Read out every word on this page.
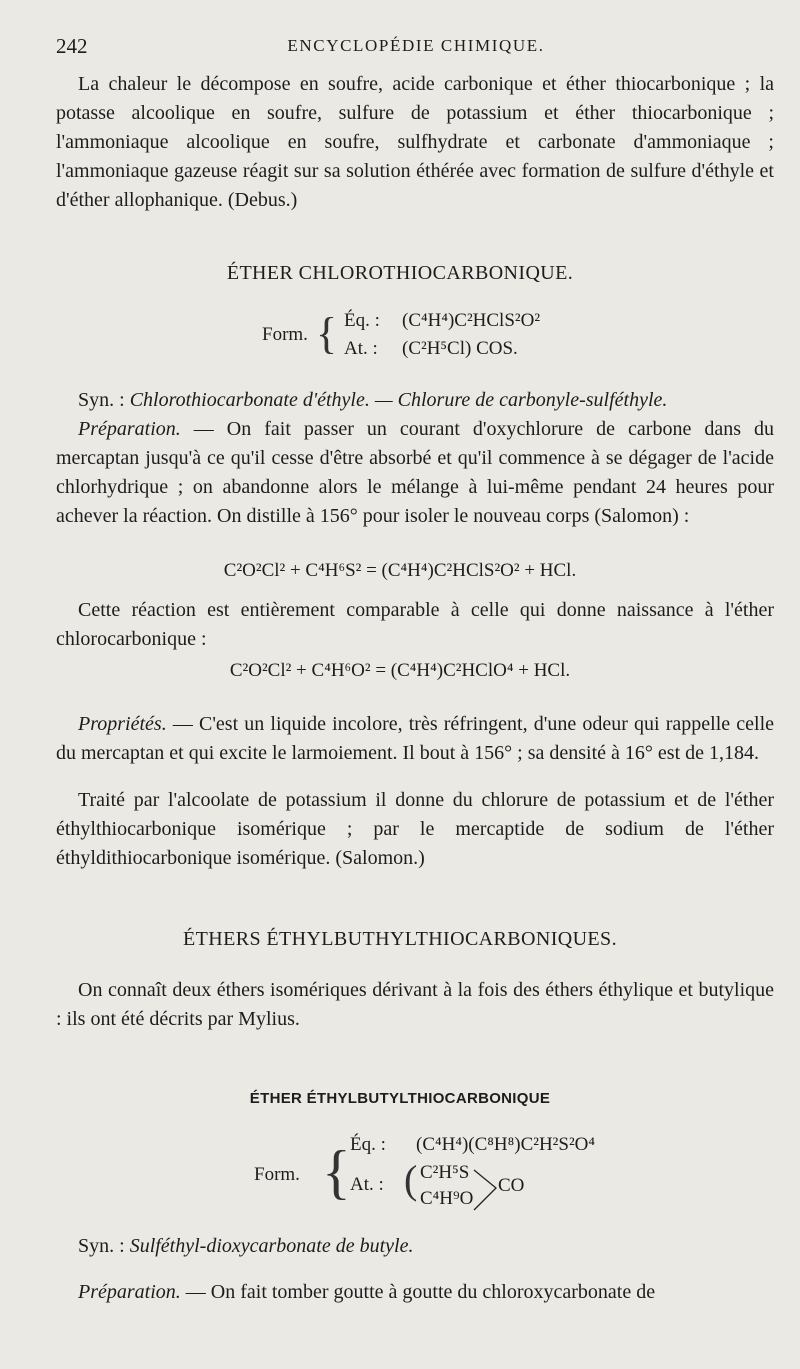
242	ENCYCLOPÉDIE CHIMIQUE.

La chaleur le décompose en soufre, acide carbonique et éther thiocarbonique ; la potasse alcoolique en soufre, sulfure de potassium et éther thiocarbonique ; l'ammoniaque alcoolique en soufre, sulfhydrate et carbonate d'ammoniaque ; l'ammoniaque gazeuse réagit sur sa solution éthérée avec formation de sulfure d'éthyle et d'éther allophanique. (Debus.)

ÉTHER CHLOROTHIOCARBONIQUE.
Form. { Éq. : (C⁴H⁴)C²HClS²O²
At. : (C²H⁵Cl) COS.

Syn. : Chlorothiocarbonate d'éthyle. — Chlorure de carbonyle-sulféthyle.

Préparation. — On fait passer un courant d'oxychlorure de carbone dans du mercaptan jusqu'à ce qu'il cesse d'être absorbé et qu'il commence à se dégager de l'acide chlorhydrique ; on abandonne alors le mélange à lui-même pendant 24 heures pour achever la réaction. On distille à 156° pour isoler le nouveau corps (Salomon) :

C²O²Cl² + C⁴H⁶S² = (C⁴H⁴)C²HClS²O² + HCl.

Cette réaction est entièrement comparable à celle qui donne naissance à l'éther chlorocarbonique :

C²O²Cl² + C⁴H⁶O² = (C⁴H⁴)C²HClO⁴ + HCl.

Propriétés. — C'est un liquide incolore, très réfringent, d'une odeur qui rappelle celle du mercaptan et qui excite le larmoiement. Il bout à 156° ; sa densité à 16° est de 1,184.

Traité par l'alcoolate de potassium il donne du chlorure de potassium et de l'éther éthylthiocarbonique isomérique ; par le mercaptide de sodium de l'éther éthyldithiocarbonique isomérique. (Salomon.)

ÉTHERS ÉTHYLBUTHYLTHIOCARBONIQUES.

On connaît deux éthers isomériques dérivant à la fois des éthers éthylique et butylique : ils ont été décrits par Mylius.

ÉTHER ÉTHYLBUTYLTHIOCARBONIQUE
Form. { Éq. : (C⁴H⁴)(C⁸H⁸)C²H²S²O⁴
At. : ( C²H⁵S
C⁴H⁹O
CO

Syn. : Sulféthyl-dioxycarbonate de butyle.

Préparation. — On fait tomber goutte à goutte du chloroxycarbonate de
